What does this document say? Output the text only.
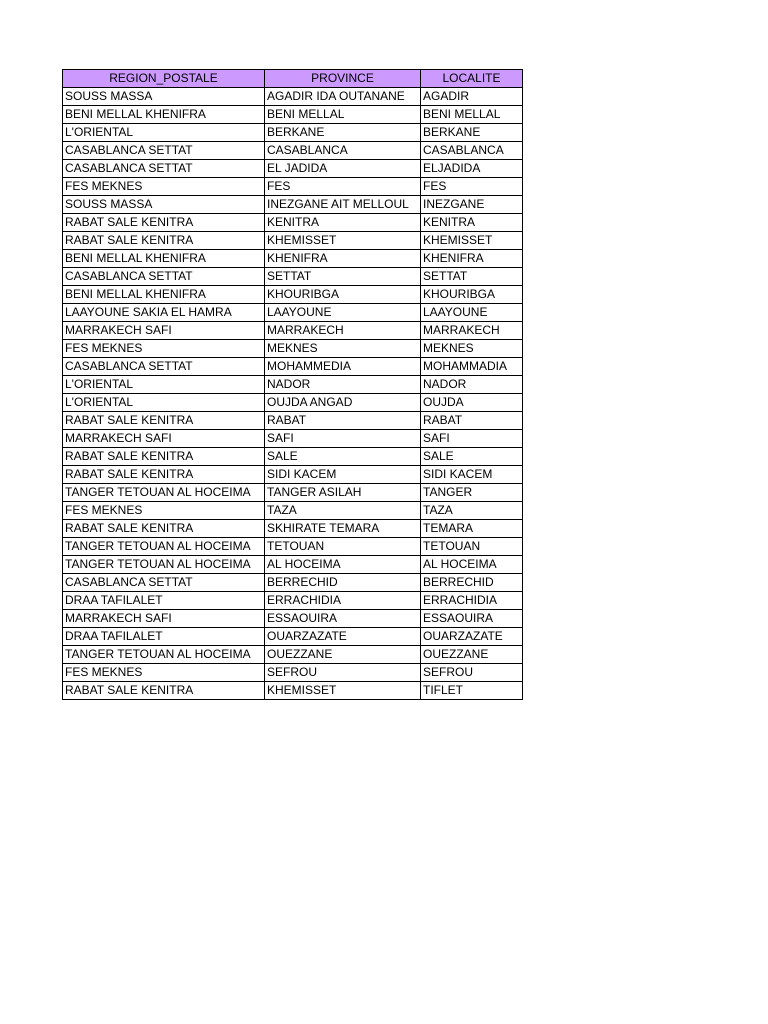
REGION_POSTALE	PROVINCE	LOCALITE
SOUSS MASSA	AGADIR IDA OUTANANE	AGADIR
BENI MELLAL KHENIFRA	BENI MELLAL	BENI MELLAL
L'ORIENTAL	BERKANE	BERKANE
CASABLANCA SETTAT	CASABLANCA	CASABLANCA
CASABLANCA SETTAT	EL JADIDA	ELJADIDA
FES MEKNES	FES	FES
SOUSS MASSA	INEZGANE AIT MELLOUL	INEZGANE
RABAT SALE KENITRA	KENITRA	KENITRA
RABAT SALE KENITRA	KHEMISSET	KHEMISSET
BENI MELLAL KHENIFRA	KHENIFRA	KHENIFRA
CASABLANCA SETTAT	SETTAT	SETTAT
BENI MELLAL KHENIFRA	KHOURIBGA	KHOURIBGA
LAAYOUNE SAKIA EL HAMRA	LAAYOUNE	LAAYOUNE
MARRAKECH SAFI	MARRAKECH	MARRAKECH
FES MEKNES	MEKNES	MEKNES
CASABLANCA SETTAT	MOHAMMEDIA	MOHAMMADIA
L'ORIENTAL	NADOR	NADOR
L'ORIENTAL	OUJDA ANGAD	OUJDA
RABAT SALE KENITRA	RABAT	RABAT
MARRAKECH SAFI	SAFI	SAFI
RABAT SALE KENITRA	SALE	SALE
RABAT SALE KENITRA	SIDI KACEM	SIDI KACEM
TANGER TETOUAN AL HOCEIMA	TANGER ASILAH	TANGER
FES MEKNES	TAZA	TAZA
RABAT SALE KENITRA	SKHIRATE TEMARA	TEMARA
TANGER TETOUAN AL HOCEIMA	TETOUAN	TETOUAN
TANGER TETOUAN AL HOCEIMA	AL HOCEIMA	AL HOCEIMA
CASABLANCA SETTAT	BERRECHID	BERRECHID
DRAA TAFILALET	ERRACHIDIA	ERRACHIDIA
MARRAKECH SAFI	ESSAOUIRA	ESSAOUIRA
DRAA TAFILALET	OUARZAZATE	OUARZAZATE
TANGER TETOUAN AL HOCEIMA	OUEZZANE	OUEZZANE
FES MEKNES	SEFROU	SEFROU
RABAT SALE KENITRA	KHEMISSET	TIFLET
